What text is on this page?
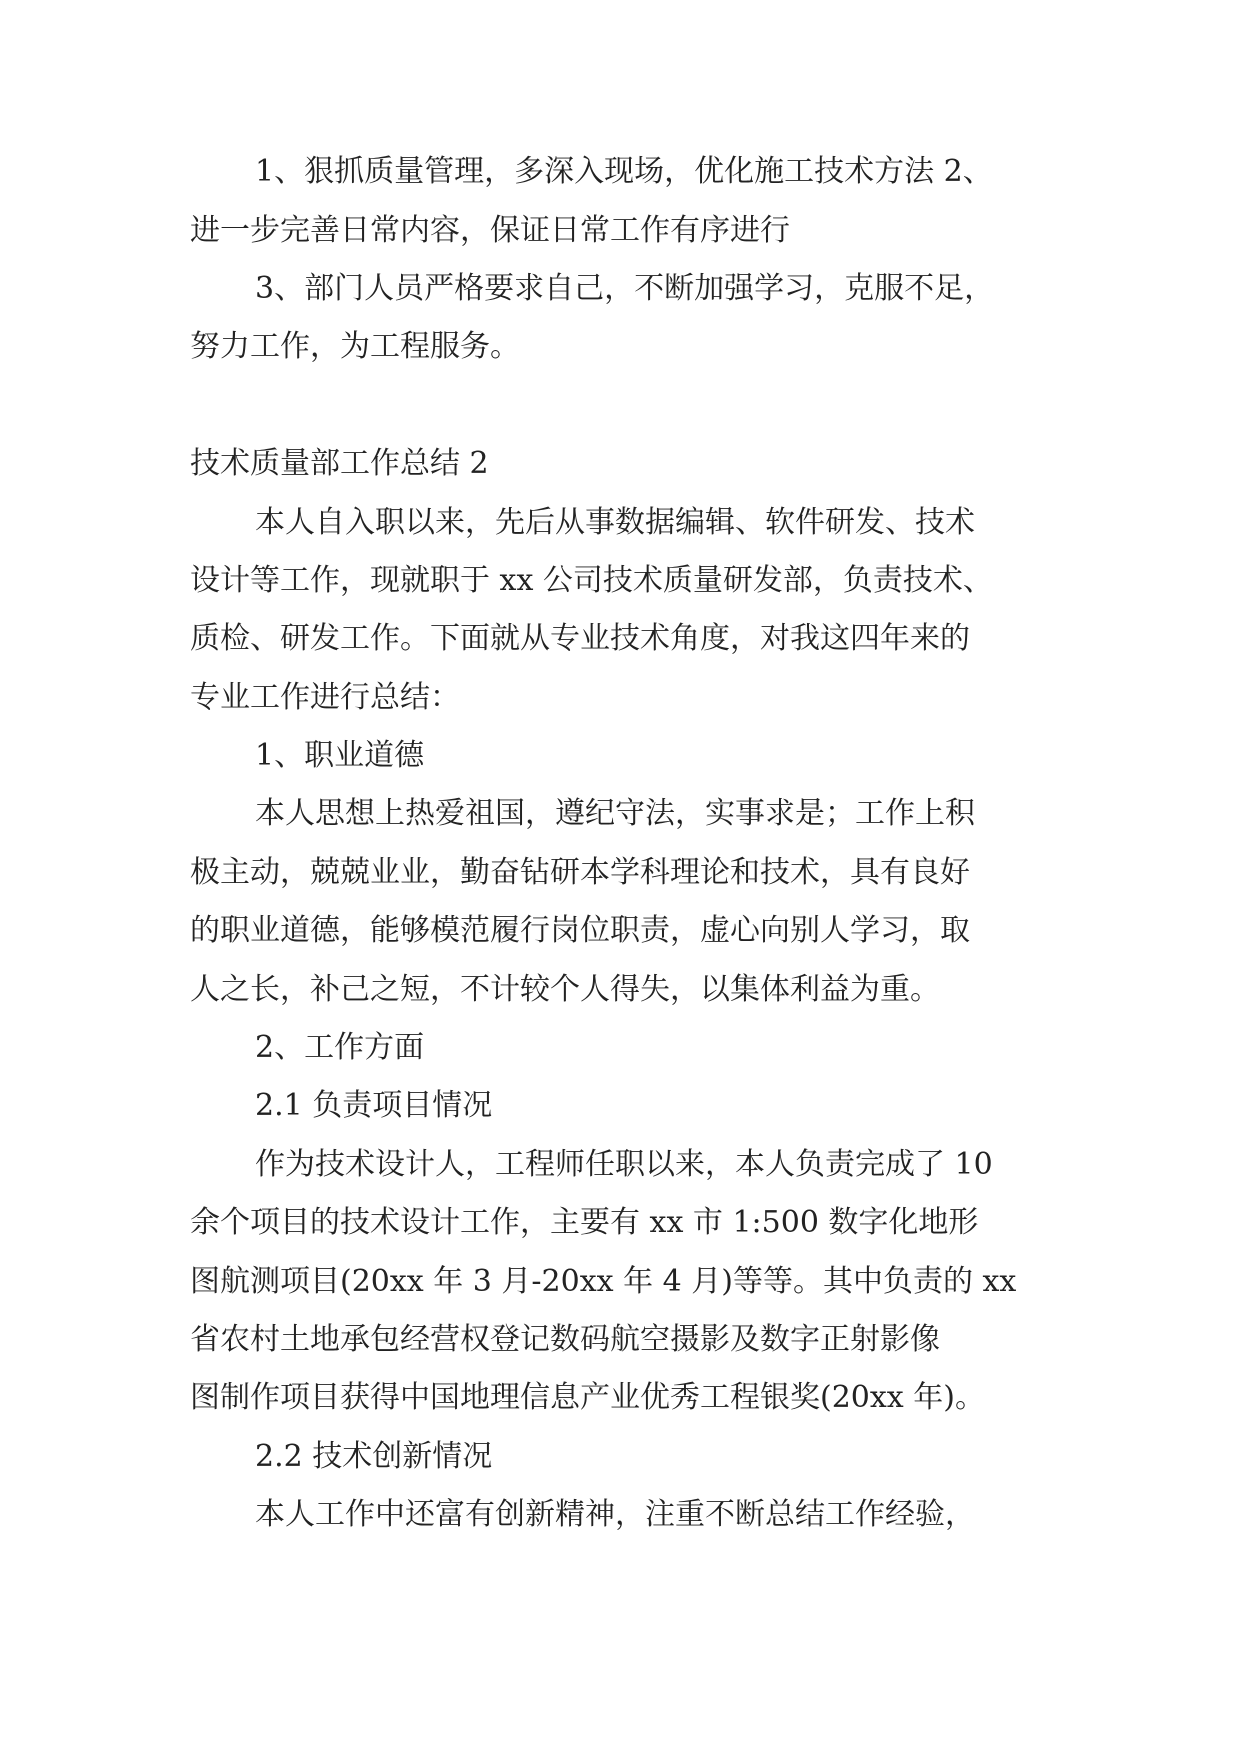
1、狠抓质量管理，多深入现场，优化施工技术方法 2、
进一步完善日常内容，保证日常工作有序进行
3、部门人员严格要求自己，不断加强学习，克服不足，
努力工作，为工程服务。
技术质量部工作总结 2
本人自入职以来，先后从事数据编辑、软件研发、技术
设计等工作，现就职于 xx 公司技术质量研发部，负责技术、
质检、研发工作。下面就从专业技术角度，对我这四年来的
专业工作进行总结：
1、职业道德
本人思想上热爱祖国，遵纪守法，实事求是；工作上积
极主动，兢兢业业，勤奋钻研本学科理论和技术，具有良好
的职业道德，能够模范履行岗位职责，虚心向别人学习，取
人之长，补己之短，不计较个人得失，以集体利益为重。
2、工作方面
2.1 负责项目情况
作为技术设计人，工程师任职以来，本人负责完成了 10
余个项目的技术设计工作，主要有 xx 市 1:500 数字化地形
图航测项目(20xx 年 3 月-20xx 年 4 月)等等。其中负责的 xx
省农村土地承包经营权登记数码航空摄影及数字正射影像
图制作项目获得中国地理信息产业优秀工程银奖(20xx 年)。
2.2 技术创新情况
本人工作中还富有创新精神，注重不断总结工作经验，
